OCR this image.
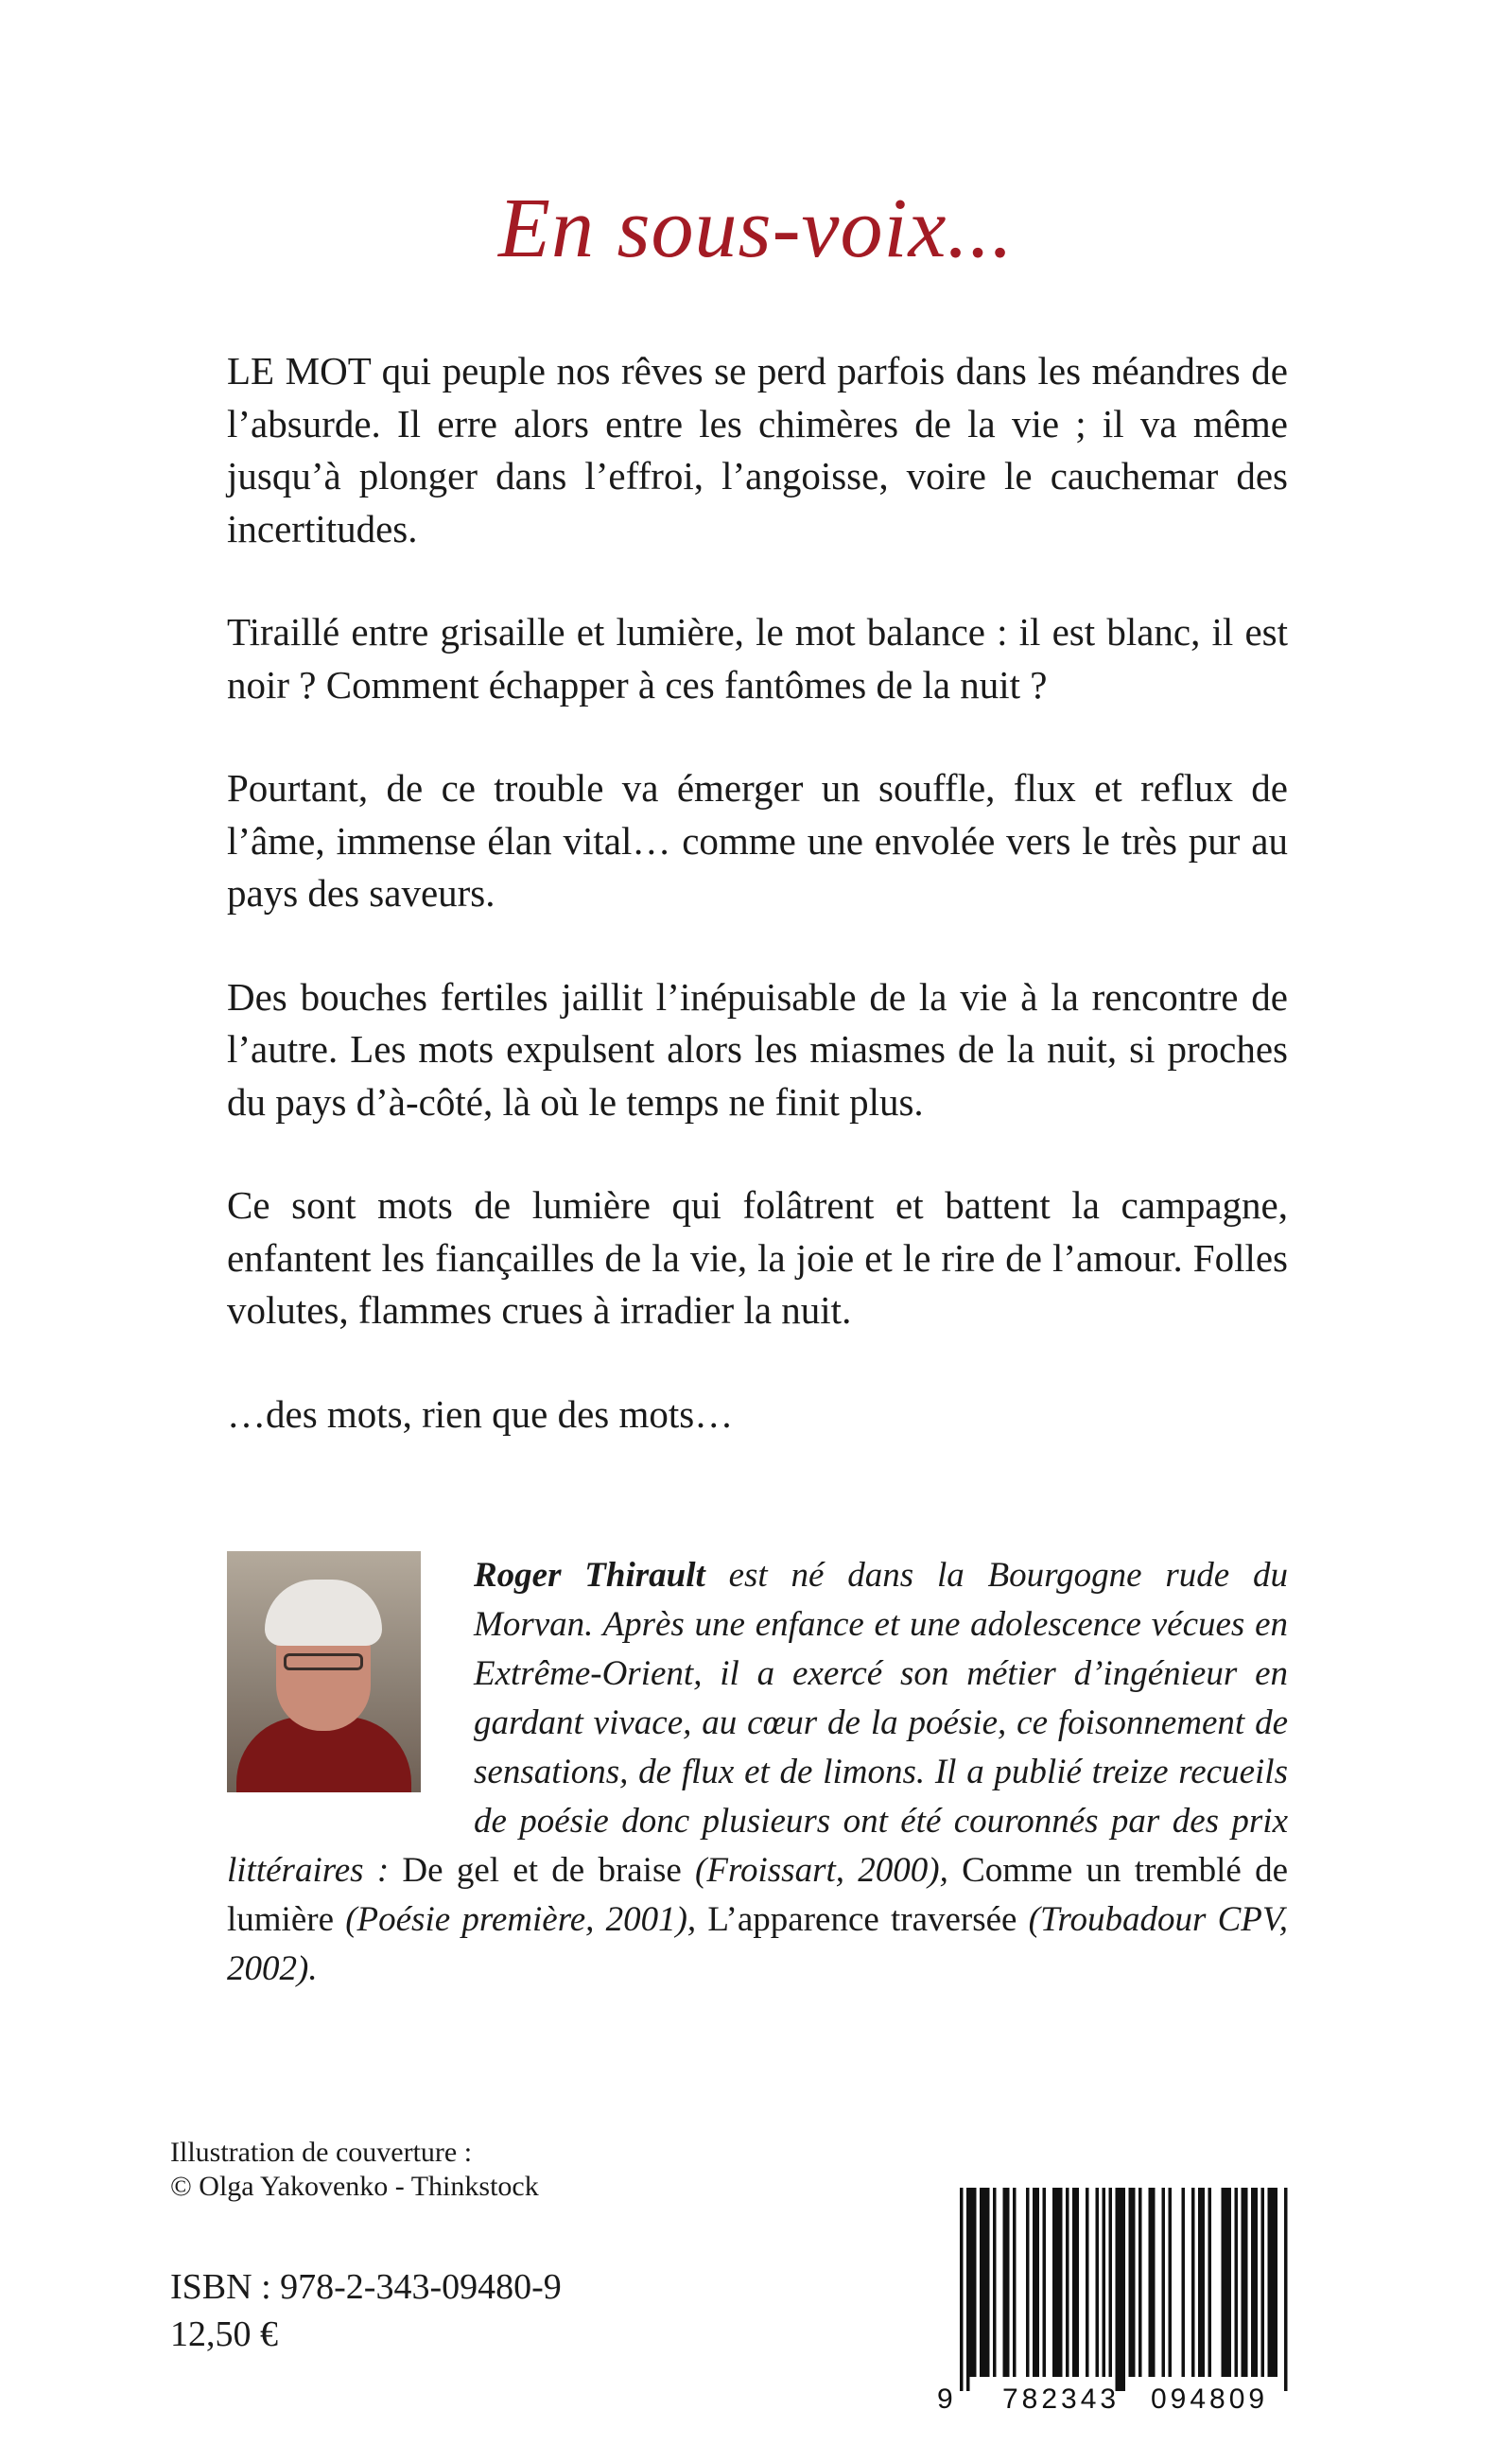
En sous-voix...

LE MOT qui peuple nos rêves se perd parfois dans les méandres de l’absurde. Il erre alors entre les chimères de la vie ; il va même jusqu’à plonger dans l’effroi, l’angoisse, voire le cauchemar des incertitudes.

Tiraillé entre grisaille et lumière, le mot balance : il est blanc, il est noir ? Comment échapper à ces fantômes de la nuit ?

Pourtant, de ce trouble va émerger un souffle, flux et reflux de l’âme, immense élan vital… comme une envolée vers le très pur au pays des saveurs.

Des bouches fertiles jaillit l’inépuisable de la vie à la rencontre de l’autre. Les mots expulsent alors les miasmes de la nuit, si proches du pays d’à-côté, là où le temps ne finit plus.

Ce sont mots de lumière qui folâtrent et battent la campagne, enfantent les fiançailles de la vie, la joie et le rire de l’amour. Folles volutes, flammes crues à irradier la nuit.

…des mots, rien que des mots…

Roger Thirault est né dans la Bourgogne rude du Morvan. Après une enfance et une adolescence vécues en Extrême-Orient, il a exercé son métier d’ingénieur en gardant vivace, au cœur de la poésie, ce foisonnement de sensations, de flux et de limons. Il a publié treize recueils de poésie donc plusieurs ont été couronnés par des prix littéraires : De gel et de braise (Froissart, 2000), Comme un tremblé de lumière (Poésie première, 2001), L’apparence traversée (Troubadour CPV, 2002).
Illustration de couverture :
© Olga Yakovenko - Thinkstock
ISBN : 978-2-343-09480-9
12,50 €
9 782343 094809
